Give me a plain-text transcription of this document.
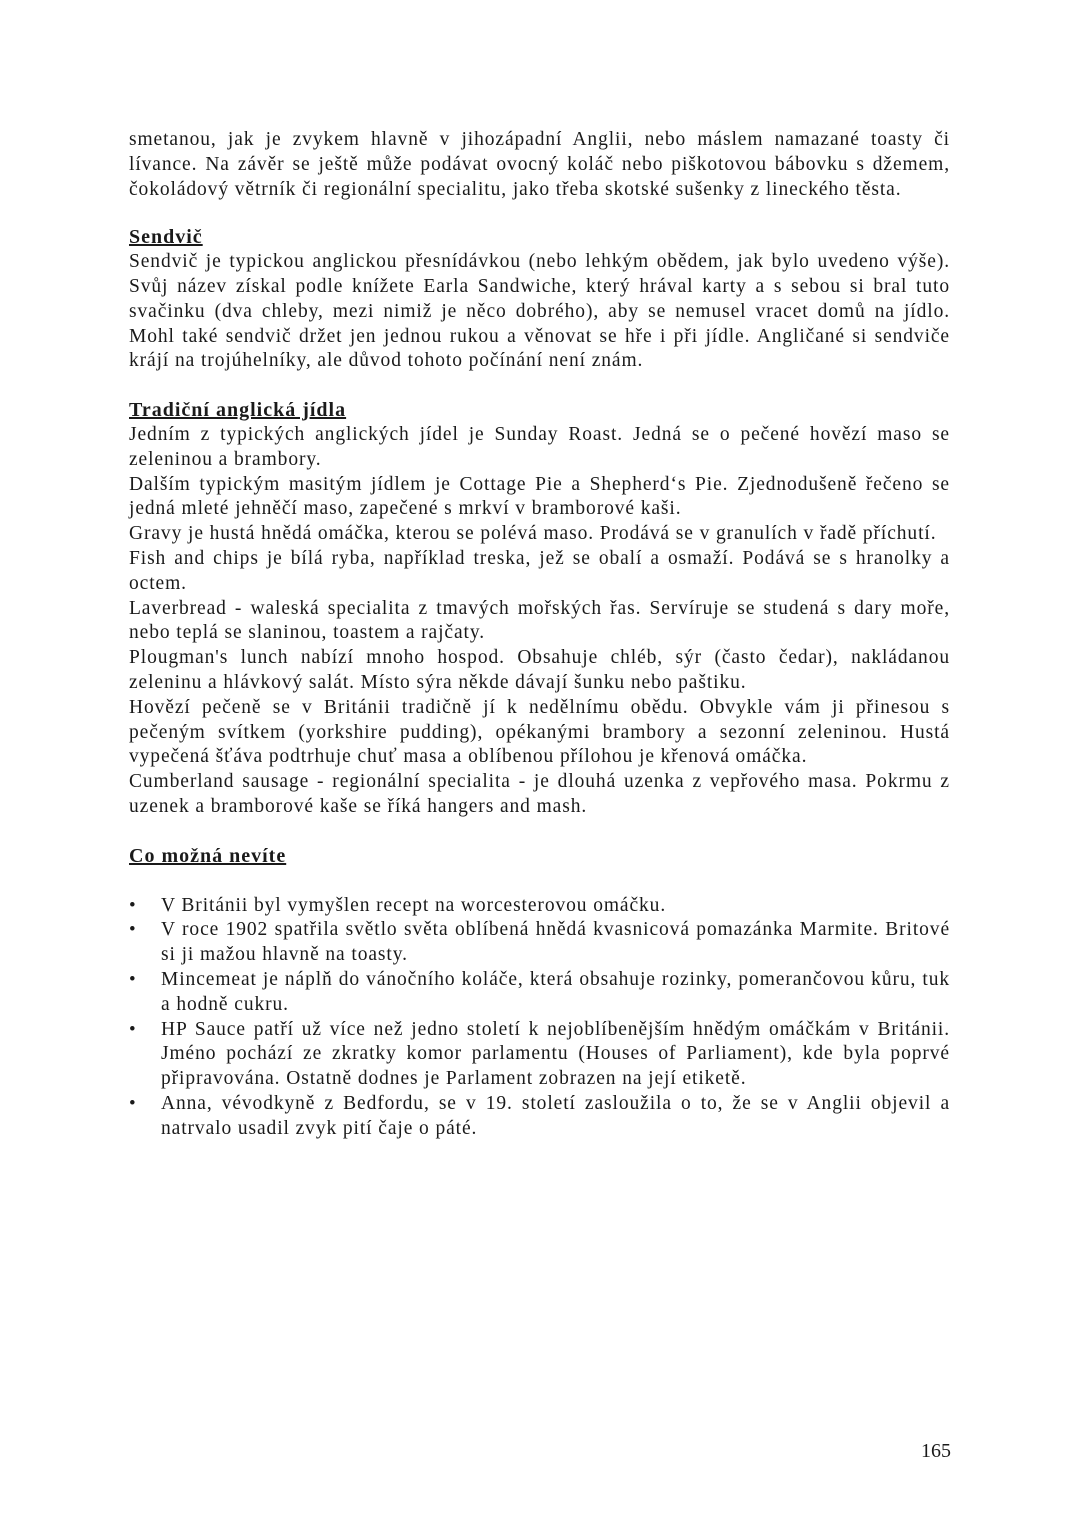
smetanou, jak je zvykem hlavně v jihozápadní Anglii, nebo máslem namazané toasty či lívance. Na závěr se ještě může podávat ovocný koláč nebo piškotovou bábovku s džemem, čokoládový větrník či regionální specialitu, jako třeba skotské sušenky z lineckého těsta.

Sendvič

Sendvič je typickou anglickou přesnídávkou (nebo lehkým obědem, jak bylo uvedeno výše). Svůj název získal podle knížete Earla Sandwiche, který hrával karty a s sebou si bral tuto svačinku (dva chleby, mezi nimiž je něco dobrého), aby se nemusel vracet domů na jídlo. Mohl také sendvič držet jen jednou rukou a věnovat se hře i při jídle. Angličané si sendviče krájí na trojúhelníky, ale důvod tohoto počínání není znám.

Tradiční anglická jídla

Jedním z typických anglických jídel je Sunday Roast. Jedná se o pečené hovězí maso se zeleninou a brambory.

Dalším typickým masitým jídlem je Cottage Pie a Shepherd‘s Pie. Zjednodušeně řečeno se jedná mleté jehněčí maso, zapečené s mrkví v bramborové kaši.

Gravy je hustá hnědá omáčka, kterou se polévá maso. Prodává se v granulích v řadě příchutí.

Fish and chips je bílá ryba, například treska, jež se obalí a osmaží. Podává se s hranolky a octem.

Laverbread - waleská specialita z tmavých mořských řas. Servíruje se studená s dary moře, nebo teplá se slaninou, toastem a rajčaty.

Plougman's lunch nabízí mnoho hospod. Obsahuje chléb, sýr (často čedar), nakládanou zeleninu a hlávkový salát. Místo sýra někde dávají šunku nebo paštiku.

Hovězí pečeně se v Británii tradičně jí k nedělnímu obědu. Obvykle vám ji přinesou s pečeným svítkem (yorkshire pudding), opékanými brambory a sezonní zeleninou. Hustá vypečená šťáva podtrhuje chuť masa a oblíbenou přílohou je křenová omáčka.

Cumberland sausage - regionální specialita - je dlouhá uzenka z vepřového masa. Pokrmu z uzenek a bramborové kaše se říká hangers and mash.

Co možná nevíte
• V Británii byl vymyšlen recept na worcesterovou omáčku.
• V roce 1902 spatřila světlo světa oblíbená hnědá kvasnicová pomazánka Marmite. Britové si ji mažou hlavně na toasty.
• Mincemeat je náplň do vánočního koláče, která obsahuje rozinky, pomerančovou kůru, tuk a hodně cukru.
• HP Sauce patří už více než jedno století k nejoblíbenějším hnědým omáčkám v Británii. Jméno pochází ze zkratky komor parlamentu (Houses of Parliament), kde byla poprvé připravována. Ostatně dodnes je Parlament zobrazen na její etiketě.
• Anna, vévodkyně z Bedfordu, se v 19. století zasloužila o to, že se v Anglii objevil a natrvalo usadil zvyk pití čaje o páté.
165
